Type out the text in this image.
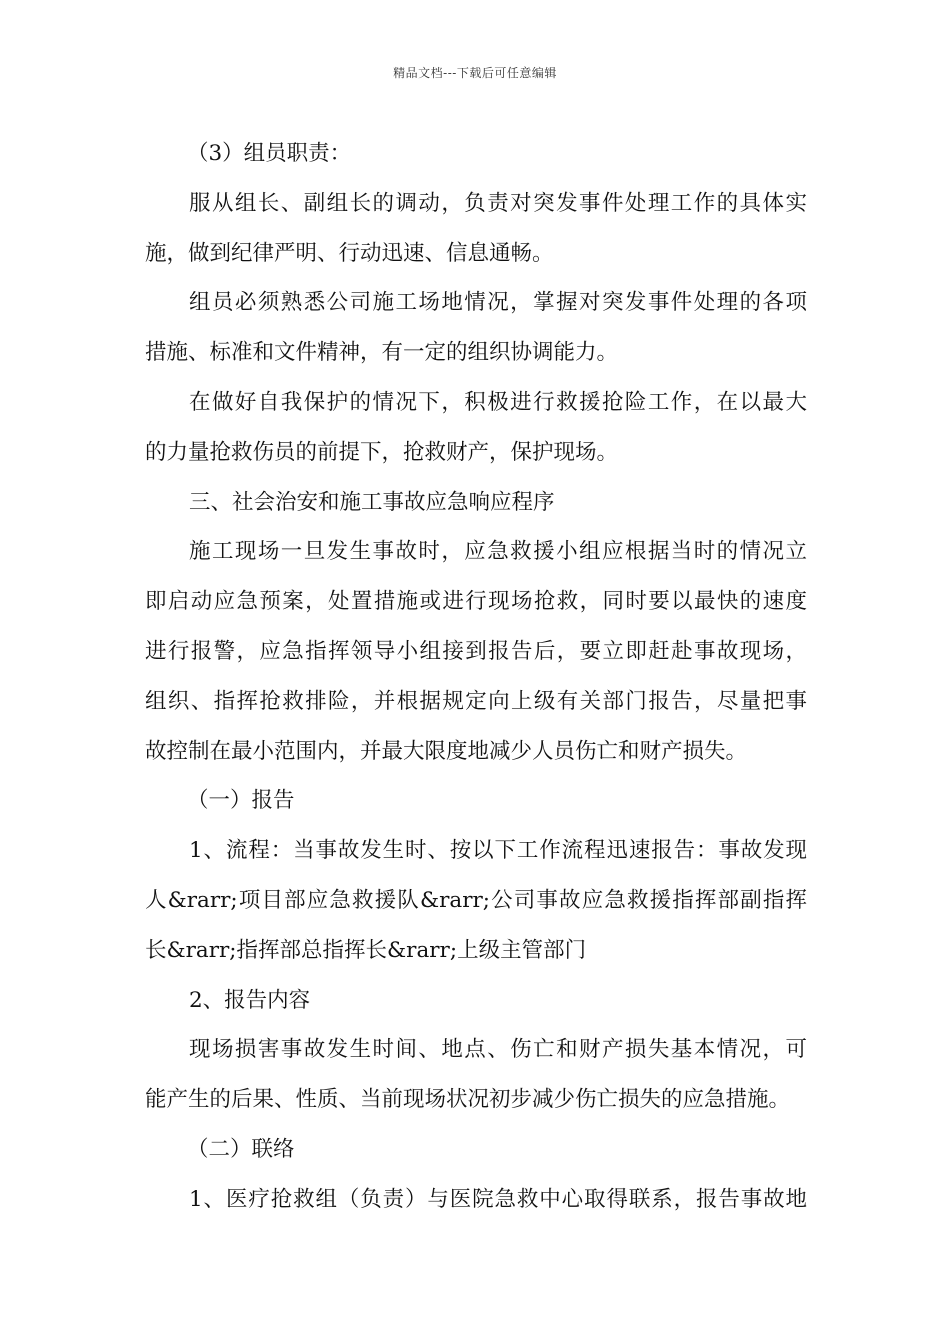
精品文档---下载后可任意编辑
（3）组员职责：
服从组长、副组长的调动，负责对突发事件处理工作的具体实
施，做到纪律严明、行动迅速、信息通畅。
组员必须熟悉公司施工场地情况，掌握对突发事件处理的各项
措施、标准和文件精神，有一定的组织协调能力。
在做好自我保护的情况下，积极进行救援抢险工作，在以最大
的力量抢救伤员的前提下，抢救财产，保护现场。
三、社会治安和施工事故应急响应程序
施工现场一旦发生事故时，应急救援小组应根据当时的情况立
即启动应急预案，处置措施或进行现场抢救，同时要以最快的速度
进行报警，应急指挥领导小组接到报告后，要立即赶赴事故现场，
组织、指挥抢救排险，并根据规定向上级有关部门报告，尽量把事
故控制在最小范围内，并最大限度地减少人员伤亡和财产损失。
（一）报告
1、流程：当事故发生时、按以下工作流程迅速报告：事故发现
人&rarr;项目部应急救援队&rarr;公司事故应急救援指挥部副指挥
长&rarr;指挥部总指挥长&rarr;上级主管部门
2、报告内容
现场损害事故发生时间、地点、伤亡和财产损失基本情况，可
能产生的后果、性质、当前现场状况初步减少伤亡损失的应急措施。
（二）联络
1、医疗抢救组（负责）与医院急救中心取得联系，报告事故地
